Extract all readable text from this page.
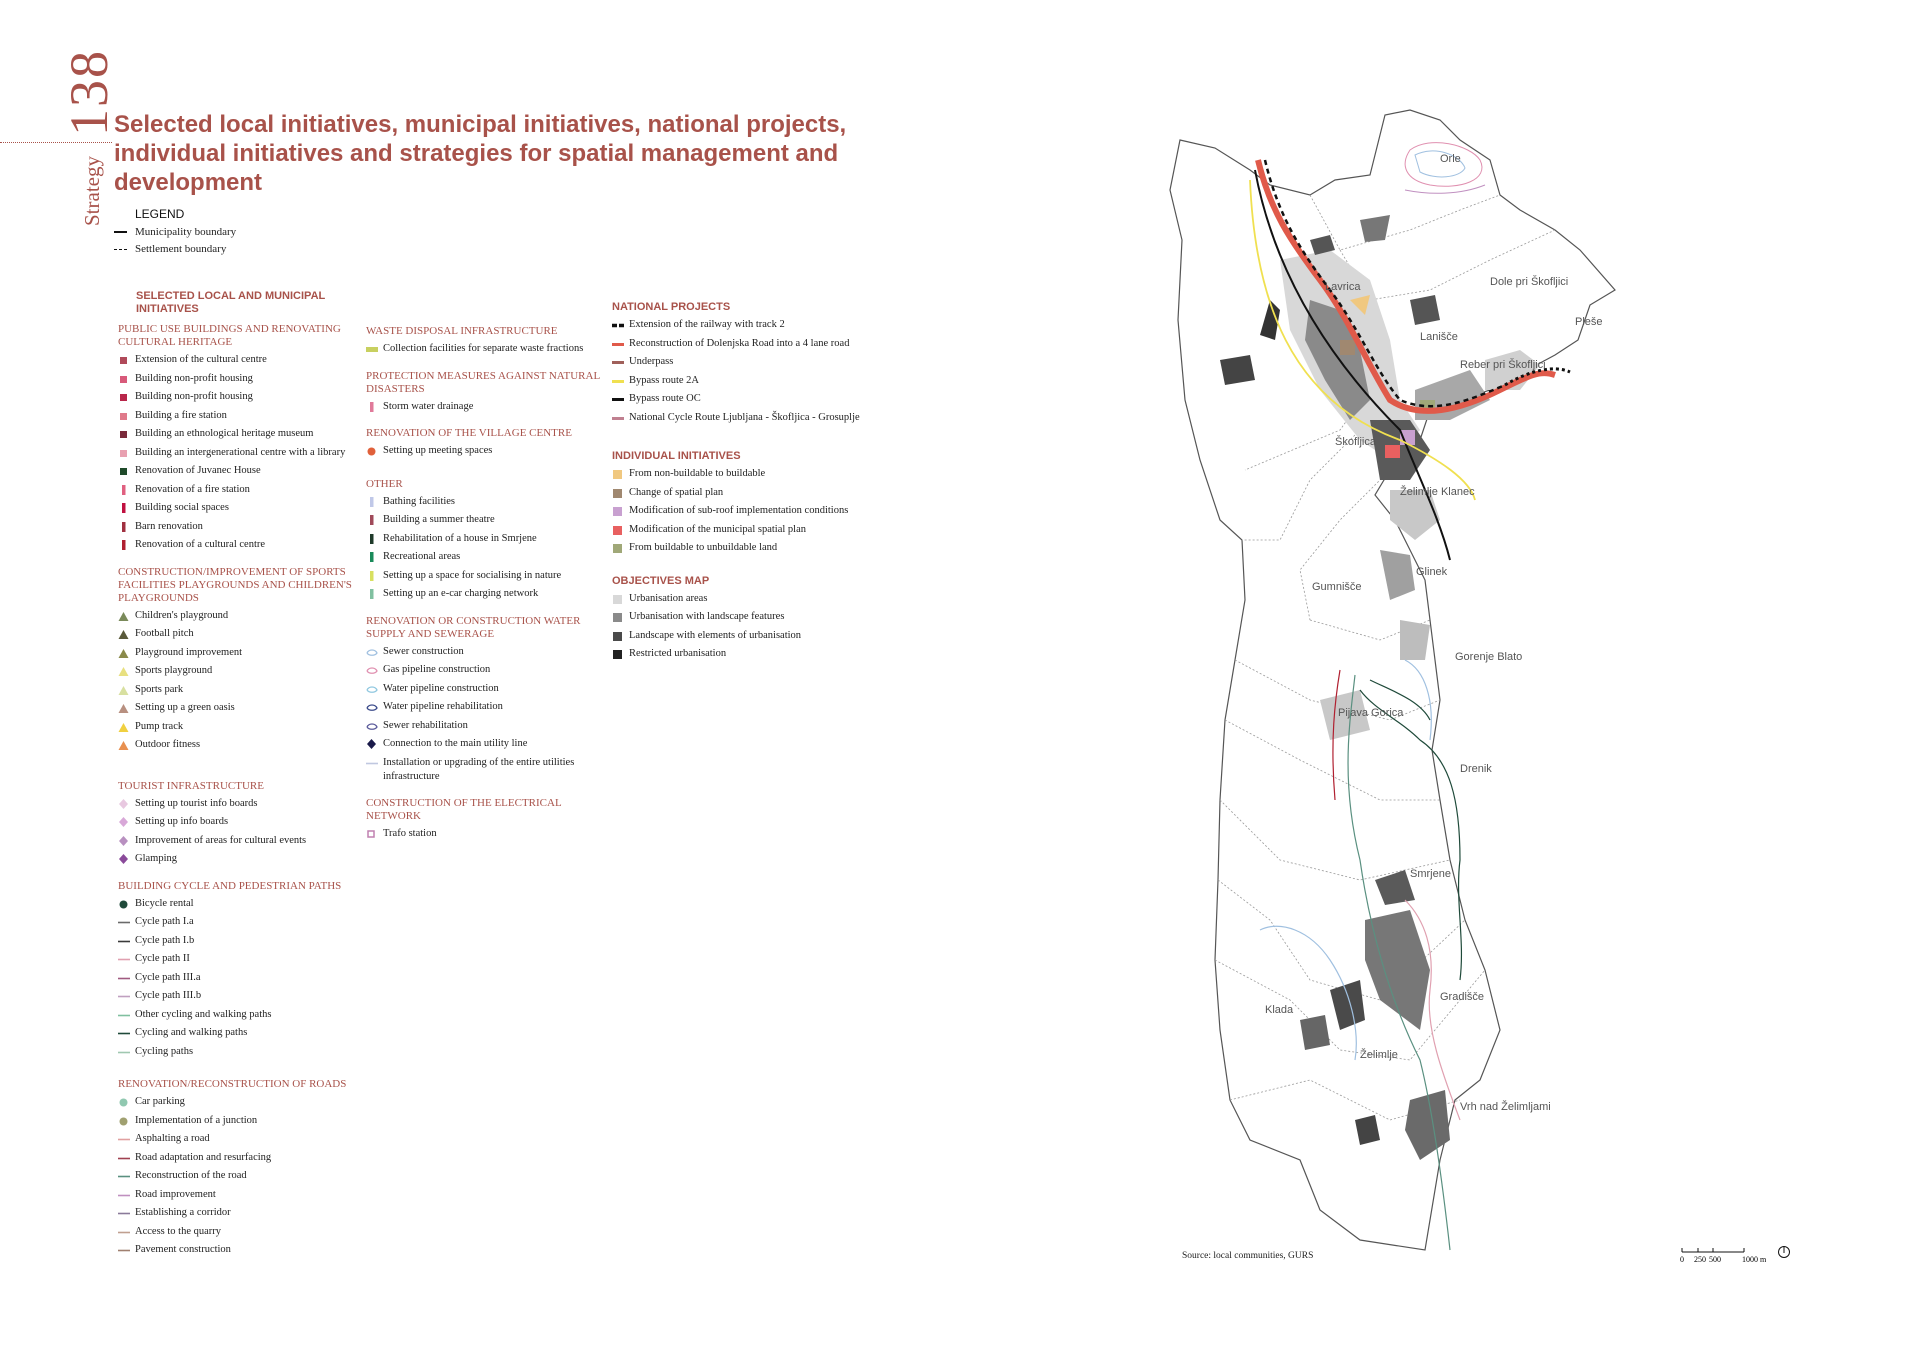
138
Strategy
Selected local initiatives, municipal initiatives, national projects, individual initiatives and strategies for spatial management and development
LEGEND
Municipality boundary
Settlement boundary
SELECTED LOCAL AND MUNICIPAL INITIATIVES
PUBLIC USE BUILDINGS AND RENOVATING CULTURAL HERITAGE
Extension of the cultural centre
Building non-profit housing
Building non-profit housing
Building a fire station
Building an ethnological heritage museum
Building an intergenerational centre with a library
Renovation of Juvanec House
Renovation of a fire station
Building social spaces
Barn renovation
Renovation of a cultural centre
CONSTRUCTION/IMPROVEMENT OF SPORTS FACILITIES PLAYGROUNDS AND CHILDREN'S PLAYGROUNDS
Children's playground
Football pitch
Playground improvement
Sports playground
Sports park
Setting up a green oasis
Pump track
Outdoor fitness
TOURIST INFRASTRUCTURE
Setting up tourist info boards
Setting up info boards
Improvement of areas for cultural events
Glamping
BUILDING CYCLE AND PEDESTRIAN PATHS
Bicycle rental
Cycle path I.a
Cycle path I.b
Cycle path II
Cycle path III.a
Cycle path III.b
Other cycling and walking paths
Cycling and walking paths
Cycling paths
RENOVATION/RECONSTRUCTION OF ROADS
Car parking
Implementation of a junction
Asphalting a road
Road adaptation and resurfacing
Reconstruction of the road
Road improvement
Establishing a corridor
Access to the quarry
Pavement construction
WASTE DISPOSAL INFRASTRUCTURE
Collection facilities for separate waste fractions
PROTECTION MEASURES AGAINST NATURAL DISASTERS
Storm water drainage
RENOVATION OF THE VILLAGE CENTRE
Setting up meeting spaces
OTHER
Bathing facilities
Building a summer theatre
Rehabilitation of a house in Smrjene
Recreational areas
Setting up a space for socialising in nature
Setting up an e-car charging network
RENOVATION OR CONSTRUCTION WATER SUPPLY AND SEWERAGE
Sewer construction
Gas pipeline construction
Water pipeline construction
Water pipeline rehabilitation
Sewer rehabilitation
Connection to the main utility line
Installation or upgrading of the entire utilities infrastructure
CONSTRUCTION OF THE ELECTRICAL NETWORK
Trafo station
NATIONAL PROJECTS
Extension of the railway with track 2
Reconstruction of Dolenjska Road into a 4 lane road
Underpass
Bypass route 2A
Bypass route OC
National Cycle Route Ljubljana - Škofljica - Grosuplje
INDIVIDUAL INITIATIVES
From non-buildable to buildable
Change of spatial plan
Modification of sub-roof implementation conditions
Modification of the municipal spatial plan
From buildable to unbuildable land
OBJECTIVES MAP
Urbanisation areas
Urbanisation with landscape features
Landscape with elements of urbanisation
Restricted urbanisation
Orle
Lavrica	Dole pri Škofljici
Pleše
Lanišče
Reber pri Škofljici
Škofljica
Želimlje Klanec
Gumnišče
Glinek
Gorenje Blato
Pijava Gorica
Drenik
Smrjene
Gradišče
Klada
Želimlje
Vrh nad Želimljami
Source: local communities, GURS	0 250 500	1000 m
